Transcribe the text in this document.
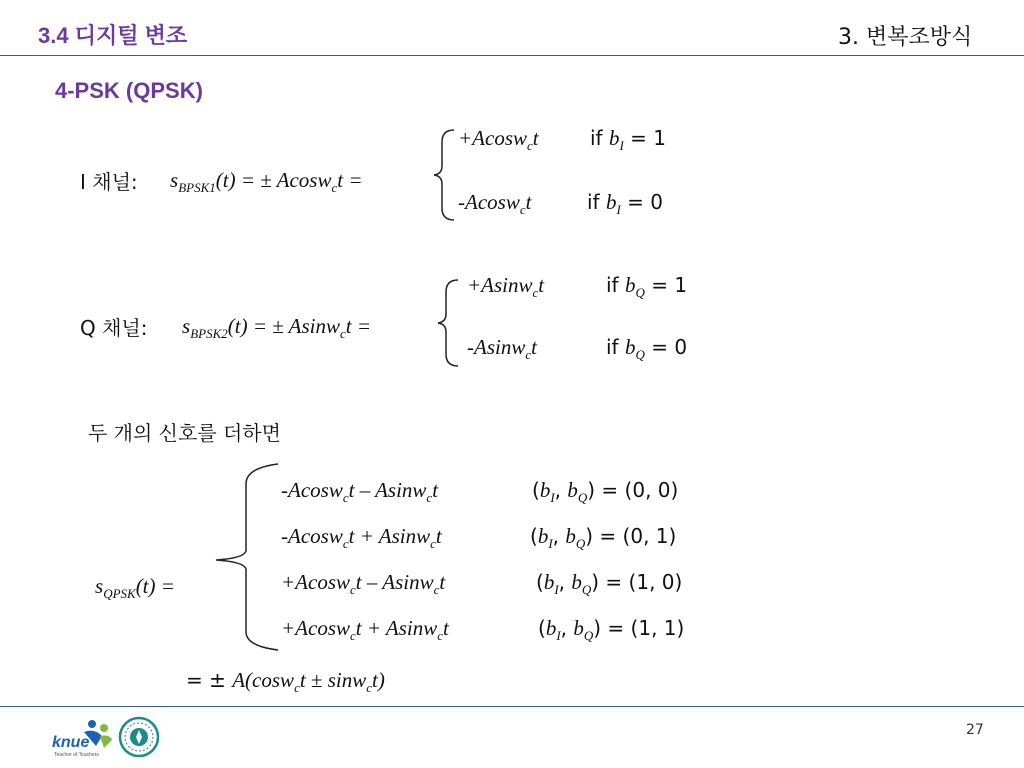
3.4 디지털 변조	3. 변복조방식
4-PSK (QPSK)
I 채널: $s_{BPSK1}(t)$ = ± Acosw$_c$t =
+Acosw$_c$t	if $b_I = 1$
-Acosw$_c$t	if $b_I = 0$
Q 채널: $s_{BPSK2}(t)$ = ± Asinw$_c$t =
+Asinw$_c$t	if $b_Q = 1$
-Asinw$_c$t	if $b_Q = 0$
두 개의 신호를 더하면
$s_{QPSK}(t)$ =
-Acosw$_c$t – Asinw$_c$t	($b_I$, $b_Q) = (0$, 0)
-Acosw$_c$t + Asinw$_c$t	($b_I$, $b_Q) = (0$, 1)
+Acosw$_c$t – Asinw$_c$t	($b_I$, $b_Q) = (1$, 0)
+Acosw$_c$t + Asinw$_c$t	($b_I$, $b_Q) = (1$, 1)
= ± A(cosw$_c$t ± sinw$_c$t)
knue
Teacher of Teachers
27
